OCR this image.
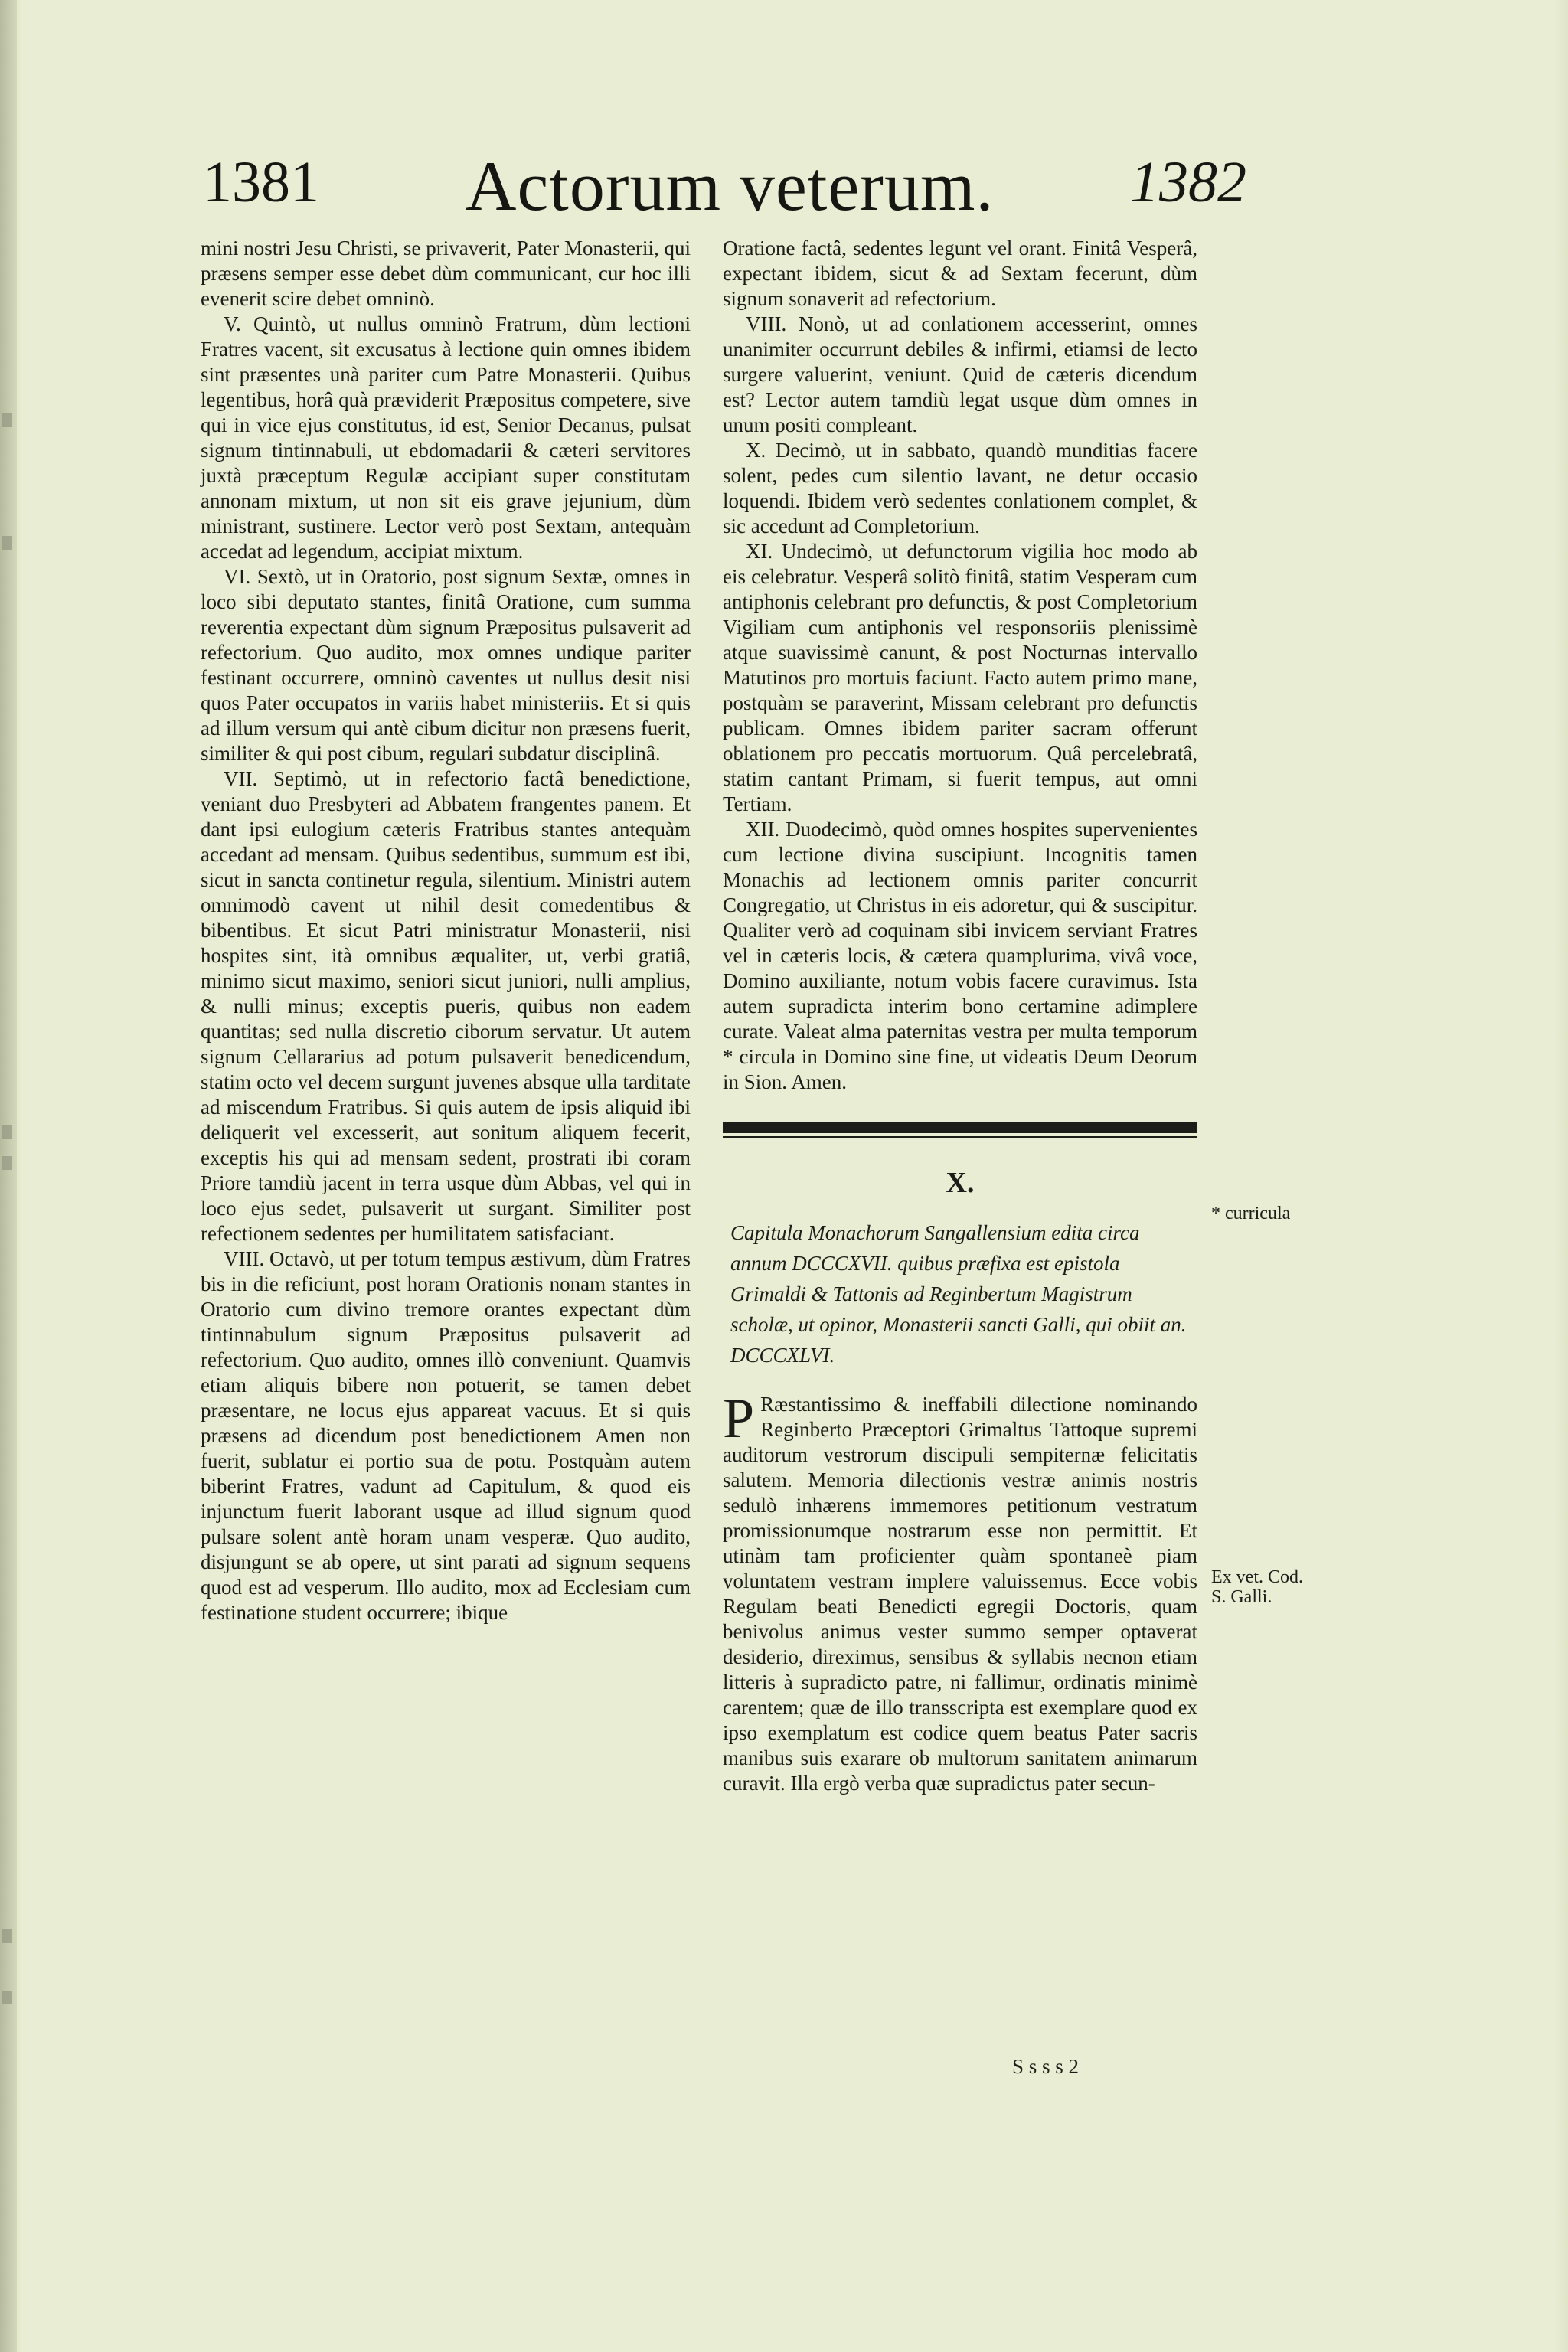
1381 Actorum veterum. 1382

mini nostri Jesu Christi, se privaverit, Pater Monasterii, qui præsens semper esse debet dùm communicant, cur hoc illi evenerit scire debet omninò.

V. Quintò, ut nullus omninò Fratrum, dùm lectioni Fratres vacent, sit excusatus à lectione quin omnes ibidem sint præsentes unà pariter cum Patre Monasterii. Quibus legentibus, horâ quà præviderit Præpositus competere, sive qui in vice ejus constitutus, id est, Senior Decanus, pulsat signum tintinnabuli, ut ebdomadarii & cæteri servitores juxtà præceptum Regulæ accipiant super constitutam annonam mixtum, ut non sit eis grave jejunium, dùm ministrant, sustinere. Lector verò post Sextam, antequàm accedat ad legendum, accipiat mixtum.

VI. Sextò, ut in Oratorio, post signum Sextæ, omnes in loco sibi deputato stantes, finitâ Oratione, cum summa reverentia expectant dùm signum Præpositus pulsaverit ad refectorium. Quo audito, mox omnes undique pariter festinant occurrere, omninò caventes ut nullus desit nisi quos Pater occupatos in variis habet ministeriis. Et si quis ad illum versum qui antè cibum dicitur non præsens fuerit, similiter & qui post cibum, regulari subdatur disciplinâ.

VII. Septimò, ut in refectorio factâ benedictione, veniant duo Presbyteri ad Abbatem frangentes panem. Et dant ipsi eulogium cæteris Fratribus stantes antequàm accedant ad mensam. Quibus sedentibus, summum est ibi, sicut in sancta continetur regula, silentium. Ministri autem omnimodò cavent ut nihil desit comedentibus & bibentibus. Et sicut Patri ministratur Monasterii, nisi hospites sint, ità omnibus æqualiter, ut, verbi gratiâ, minimo sicut maximo, seniori sicut juniori, nulli amplius, & nulli minus; exceptis pueris, quibus non eadem quantitas; sed nulla discretio ciborum servatur. Ut autem signum Cellararius ad potum pulsaverit benedicendum, statim octo vel decem surgunt juvenes absque ulla tarditate ad miscendum Fratribus. Si quis autem de ipsis aliquid ibi deliquerit vel excesserit, aut sonitum aliquem fecerit, exceptis his qui ad mensam sedent, prostrati ibi coram Priore tamdiù jacent in terra usque dùm Abbas, vel qui in loco ejus sedet, pulsaverit ut surgant. Similiter post refectionem sedentes per humilitatem satisfaciant.

VIII. Octavò, ut per totum tempus æstivum, dùm Fratres bis in die reficiunt, post horam Orationis nonam stantes in Oratorio cum divino tremore orantes expectant dùm tintinnabulum signum Præpositus pulsaverit ad refectorium. Quo audito, omnes illò conveniunt. Quamvis etiam aliquis bibere non potuerit, se tamen debet præsentare, ne locus ejus appareat vacuus. Et si quis præsens ad dicendum post benedictionem Amen non fuerit, sublatur ei portio sua de potu. Postquàm autem biberint Fratres, vadunt ad Capitulum, & quod eis injunctum fuerit laborant usque ad illud signum quod pulsare solent antè horam unam vesperæ. Quo audito, disjungunt se ab opere, ut sint parati ad signum sequens quod est ad vesperum. Illo audito, mox ad Ecclesiam cum festinatione student occurrere; ibique

Oratione factâ, sedentes legunt vel orant. Finitâ Vesperâ, expectant ibidem, sicut & ad Sextam fecerunt, dùm signum sonaverit ad refectorium.

VIII. Nonò, ut ad conlationem accesserint, omnes unanimiter occurrunt debiles & infirmi, etiamsi de lecto surgere valuerint, veniunt. Quid de cæteris dicendum est? Lector autem tamdiù legat usque dùm omnes in unum positi compleant.

X. Decimò, ut in sabbato, quandò munditias facere solent, pedes cum silentio lavant, ne detur occasio loquendi. Ibidem verò sedentes conlationem complet, & sic accedunt ad Completorium.

XI. Undecimò, ut defunctorum vigilia hoc modo ab eis celebratur. Vesperâ solitò finitâ, statim Vesperam cum antiphonis celebrant pro defunctis, & post Completorium Vigiliam cum antiphonis vel responsoriis plenissimè atque suavissimè canunt, & post Nocturnas intervallo Matutinos pro mortuis faciunt. Facto autem primo mane, postquàm se paraverint, Missam celebrant pro defunctis publicam. Omnes ibidem pariter sacram offerunt oblationem pro peccatis mortuorum. Quâ percelebratâ, statim cantant Primam, si fuerit tempus, aut omni Tertiam.

XII. Duodecimò, quòd omnes hospites supervenientes cum lectione divina suscipiunt. Incognitis tamen Monachis ad lectionem omnis pariter concurrit Congregatio, ut Christus in eis adoretur, qui & suscipitur. Qualiter verò ad coquinam sibi invicem serviant Fratres vel in cæteris locis, & cætera quamplurima, vivâ voce, Domino auxiliante, notum vobis facere curavimus. Ista autem supradicta interim bono certamine adimplere curate. Valeat alma paternitas vestra per multa temporum * circula in Domino sine fine, ut videatis Deum Deorum in Sion. Amen.

X.
Capitula Monachorum Sangallensium edita circa annum DCCCXVII. quibus præfixa est epistola Grimaldi & Tattonis ad Reginbertum Magistrum scholæ, ut opinor, Monasterii sancti Galli, qui obiit an. DCCCXLVI.

P Ræstantissimo & ineffabili dilectione nominando Reginberto Præceptori Grimaltus Tattoque supremi auditorum vestrorum discipuli sempiternæ felicitatis salutem. Memoria dilectionis vestræ animis nostris sedulò inhærens immemores petitionum vestratum promissionumque nostrarum esse non permittit. Et utinàm tam proficienter quàm spontaneè piam voluntatem vestram implere valuissemus. Ecce vobis Regulam beati Benedicti egregii Doctoris, quam benivolus animus vester summo semper optaverat desiderio, direximus, sensibus & syllabis necnon etiam litteris à supradicto patre, ni fallimur, ordinatis minimè carentem; quæ de illo transscripta est exemplare quod ex ipso exemplatum est codice quem beatus Pater sacris manibus suis exarare ob multorum sanitatem animarum curavit. Illa ergò verba quæ supradictus pater secun-

* curricula
Ex vet. Cod. S. Galli.
S s s s 2
